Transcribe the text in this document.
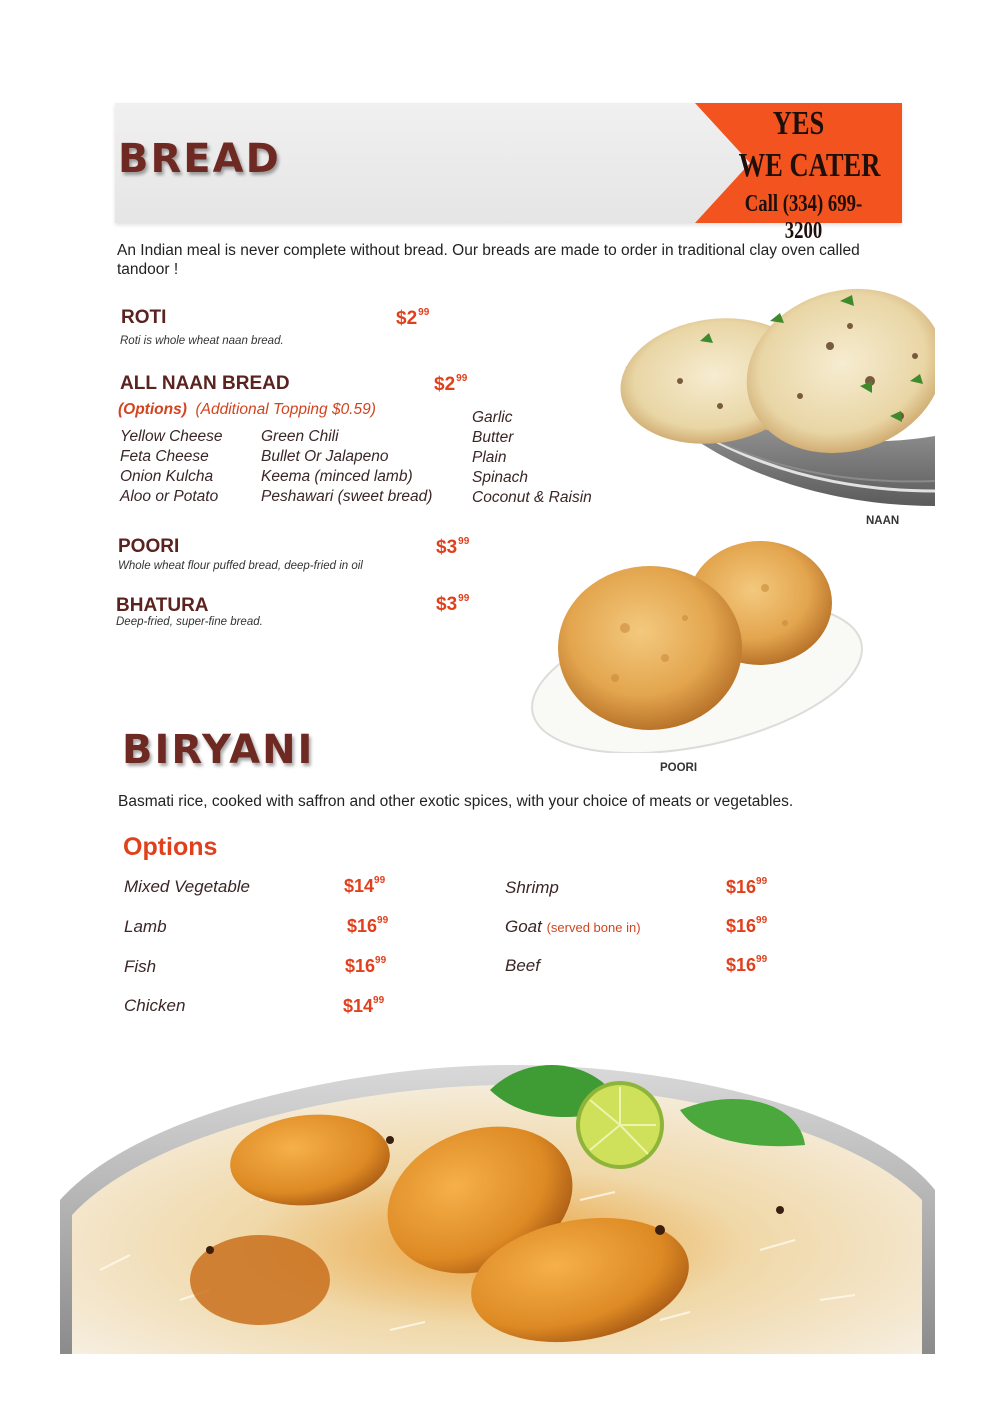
BREAD
YES
WE CATER
Call (334) 699-3200
An Indian meal is never complete without bread. Our breads are made to order in traditional clay oven called tandoor !
ROTI	$\$2^{99}$
Roti is whole wheat naan bread.
ALL NAAN BREAD	$\$2^{99}$
(Options) (Additional Topping $0.59)
Yellow Cheese
Feta Cheese
Onion Kulcha
Aloo or Potato
Green Chili
Bullet Or Jalapeno
Keema (minced lamb)
Peshawari (sweet bread)
Garlic
Butter
Plain
Spinach
Coconut & Raisin
NAAN
POORI	$\$3^{99}$
Whole wheat flour puffed bread, deep-fried in oil
BHATURA	$\$3^{99}$
Deep-fried, super-fine bread.
POORI
BIRYANI
Basmati rice, cooked with saffron and other exotic spices, with your choice of meats or vegetables.
Options
Mixed Vegetable	$\$14^{99}$
Lamb	$\$16^{99}$
Fish	$\$16^{99}$
Chicken	$\$14^{99}$
Shrimp	$\$16^{99}$
Goat (served bone in)	$\$16^{99}$
Beef	$\$16^{99}$
